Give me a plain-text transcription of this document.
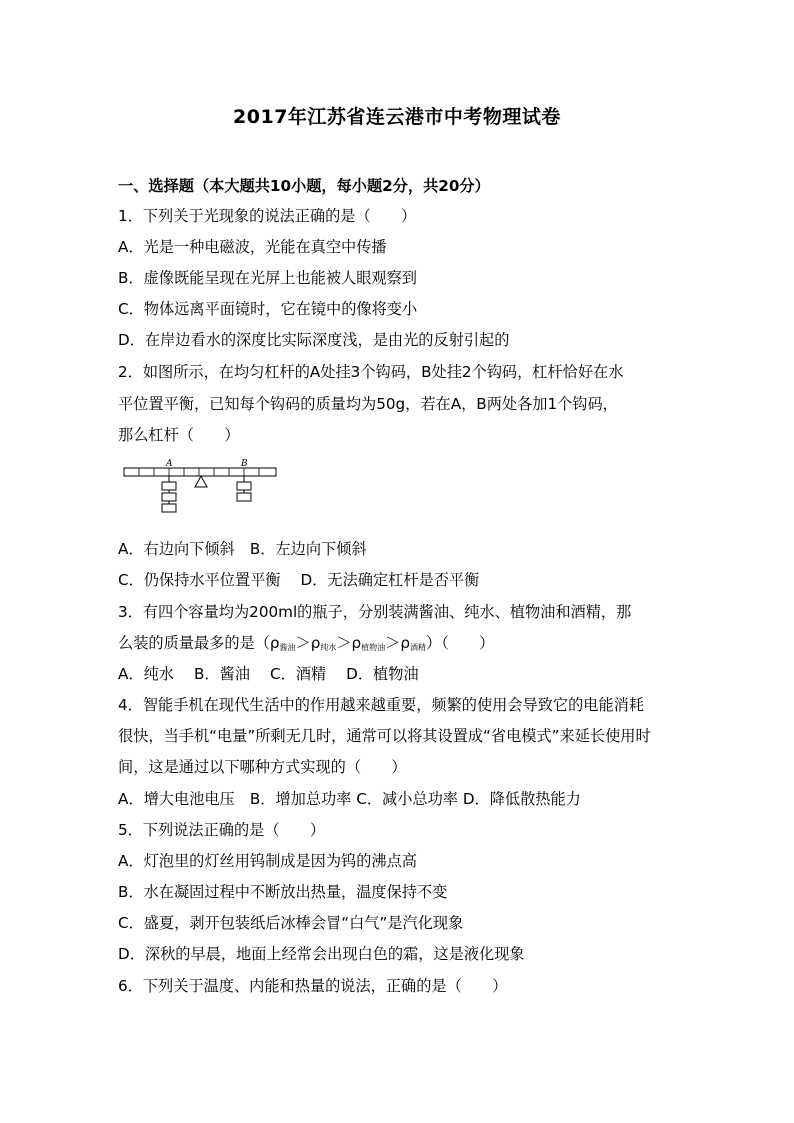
2017年江苏省连云港市中考物理试卷
一、选择题（本大题共10小题，每小题2分，共20分）
1．下列关于光现象的说法正确的是（　　）
A．光是一种电磁波，光能在真空中传播
B．虚像既能呈现在光屏上也能被人眼观察到
C．物体远离平面镜时，它在镜中的像将变小
D．在岸边看水的深度比实际深度浅，是由光的反射引起的
2．如图所示，在均匀杠杆的A处挂3个钩码，B处挂2个钩码，杠杆恰好在水
平位置平衡，已知每个钩码的质量均为50g，若在A，B两处各加1个钩码，
那么杠杆（　　）
A	B
A．右边向下倾斜　B．左边向下倾斜
C．仍保持水平位置平衡　 D．无法确定杠杆是否平衡
3．有四个容量均为200ml的瓶子，分别装满酱油、纯水、植物油和酒精，那
么装的质量最多的是$(\rho_{酱油}>\rho_{纯水}>\rho_{植物油}>\rho_{酒精})$（　　）
A．纯水　 B．酱油　 C．酒精　 D．植物油
4．智能手机在现代生活中的作用越来越重要，频繁的使用会导致它的电能消耗
很快，当手机“电量”所剩无几时，通常可以将其设置成“省电模式”来延长使用时
间，这是通过以下哪种方式实现的（　　）
A．增大电池电压　B．增加总功率 C．减小总功率 D．降低散热能力
5．下列说法正确的是（　　）
A．灯泡里的灯丝用钨制成是因为钨的沸点高
B．水在凝固过程中不断放出热量，温度保持不变
C．盛夏，剥开包装纸后冰棒会冒“白气”是汽化现象
D．深秋的早晨，地面上经常会出现白色的霜，这是液化现象
6．下列关于温度、内能和热量的说法，正确的是（　　）
